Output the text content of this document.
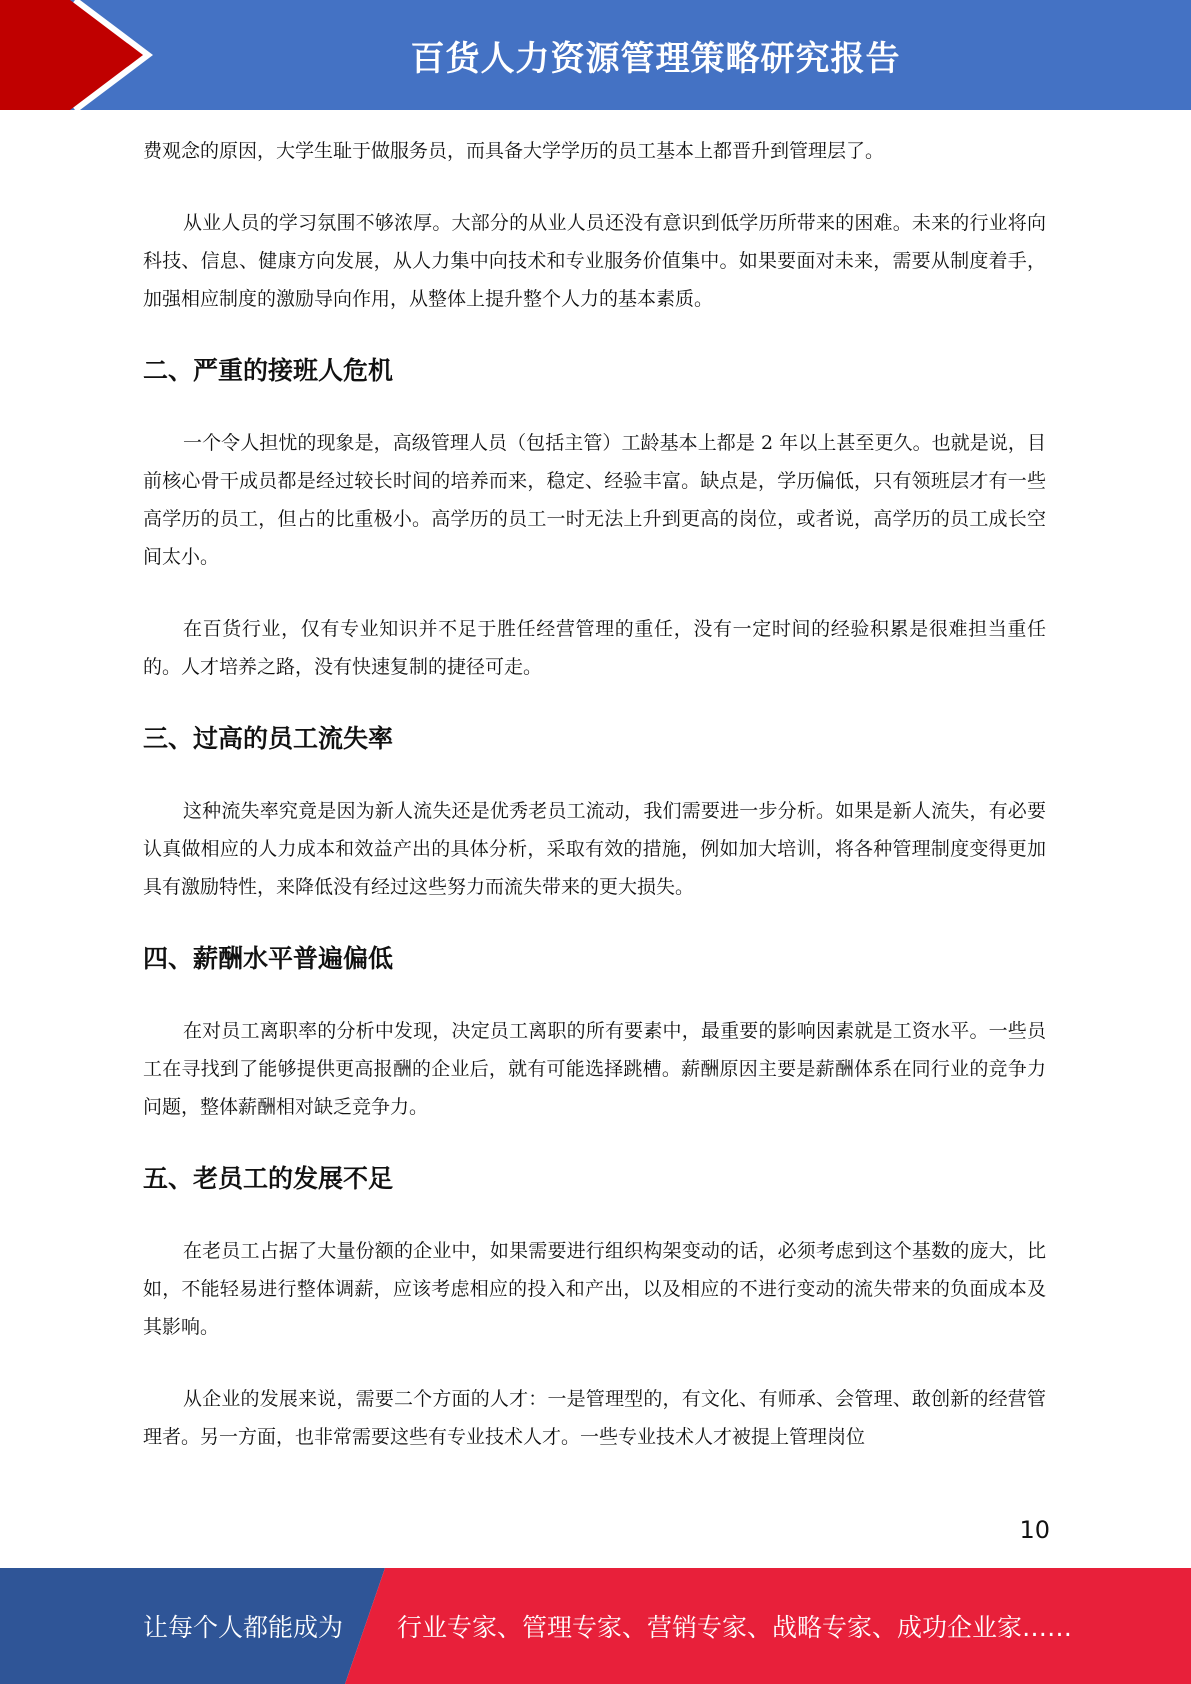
百货人力资源管理策略研究报告

费观念的原因，大学生耻于做服务员，而具备大学学历的员工基本上都晋升到管理层了。

从业人员的学习氛围不够浓厚。大部分的从业人员还没有意识到低学历所带来的困难。未来的行业将向科技、信息、健康方向发展，从人力集中向技术和专业服务价值集中。如果要面对未来，需要从制度着手，加强相应制度的激励导向作用，从整体上提升整个人力的基本素质。

二、严重的接班人危机

一个令人担忧的现象是，高级管理人员（包括主管）工龄基本上都是 2 年以上甚至更久。也就是说，目前核心骨干成员都是经过较长时间的培养而来，稳定、经验丰富。缺点是，学历偏低，只有领班层才有一些高学历的员工，但占的比重极小。高学历的员工一时无法上升到更高的岗位，或者说，高学历的员工成长空间太小。

在百货行业，仅有专业知识并不足于胜任经营管理的重任，没有一定时间的经验积累是很难担当重任的。人才培养之路，没有快速复制的捷径可走。

三、过高的员工流失率

这种流失率究竟是因为新人流失还是优秀老员工流动，我们需要进一步分析。如果是新人流失，有必要认真做相应的人力成本和效益产出的具体分析，采取有效的措施，例如加大培训，将各种管理制度变得更加具有激励特性，来降低没有经过这些努力而流失带来的更大损失。

四、薪酬水平普遍偏低

在对员工离职率的分析中发现，决定员工离职的所有要素中，最重要的影响因素就是工资水平。一些员工在寻找到了能够提供更高报酬的企业后，就有可能选择跳槽。薪酬原因主要是薪酬体系在同行业的竞争力问题，整体薪酬相对缺乏竞争力。

五、老员工的发展不足

在老员工占据了大量份额的企业中，如果需要进行组织构架变动的话，必须考虑到这个基数的庞大，比如，不能轻易进行整体调薪，应该考虑相应的投入和产出，以及相应的不进行变动的流失带来的负面成本及其影响。

从企业的发展来说，需要二个方面的人才：一是管理型的，有文化、有师承、会管理、敢创新的经营管理者。另一方面，也非常需要这些有专业技术人才。一些专业技术人才被提上管理岗位

10
让每个人都能成为 行业专家、管理专家、营销专家、战略专家、成功企业家……
